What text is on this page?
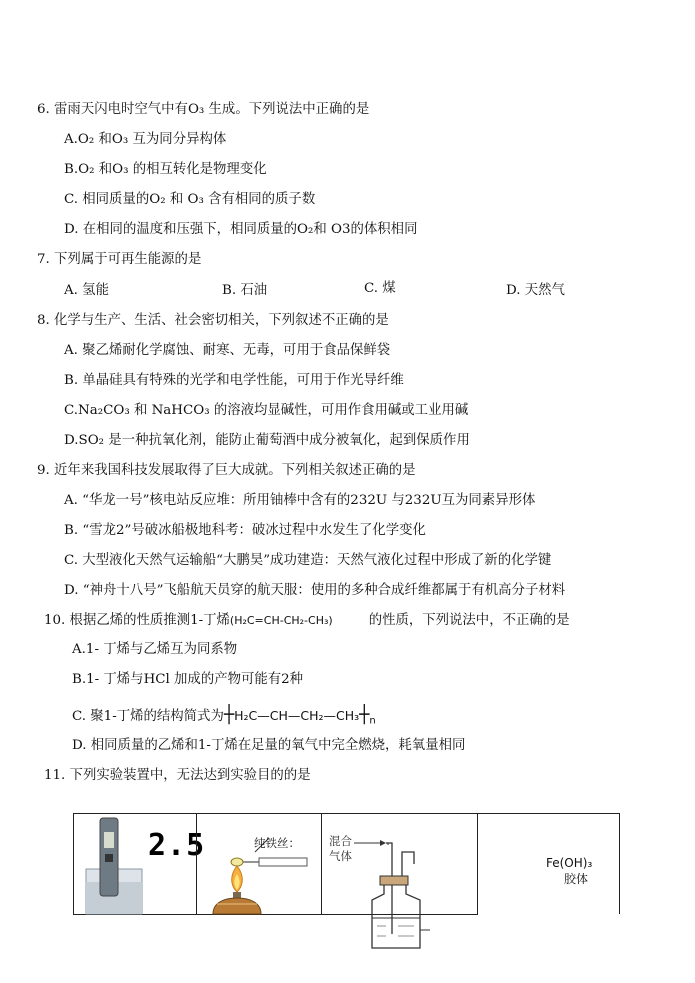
6. 雷雨天闪电时空气中有O₃ 生成。下列说法中正确的是
A.O₂ 和O₃ 互为同分异构体
B.O₂ 和O₃ 的相互转化是物理变化
C. 相同质量的O₂ 和 O₃ 含有相同的质子数
D. 在相同的温度和压强下，相同质量的O₂和 O3的体积相同
7. 下列属于可再生能源的是
A. 氢能	B. 石油	C. 煤	D. 天然气
8. 化学与生产、生活、社会密切相关，下列叙述不正确的是
A. 聚乙烯耐化学腐蚀、耐寒、无毒，可用于食品保鲜袋
B. 单晶硅具有特殊的光学和电学性能，可用于作光导纤维
C.Na₂CO₃ 和 NaHCO₃ 的溶液均显碱性，可用作食用碱或工业用碱
D.SO₂ 是一种抗氧化剂，能防止葡萄酒中成分被氧化，起到保质作用
9. 近年来我国科技发展取得了巨大成就。下列相关叙述正确的是
A. “华龙一号”核电站反应堆：所用铀棒中含有的232U 与232U互为同素异形体
B. “雪龙2”号破冰船极地科考：破冰过程中水发生了化学变化
C. 大型液化天然气运输船“大鹏昊”成功建造：天然气液化过程中形成了新的化学键
D. “神舟十八号”飞船航天员穿的航天服：使用的多种合成纤维都属于有机高分子材料
10. 根据乙烯的性质推测1-丁烯(H₂C=CH-CH₂-CH₃)	的性质，下列说法中，不正确的是
A.1- 丁烯与乙烯互为同系物
B.1- 丁烯与HCl 加成的产物可能有2种
C. 聚1-丁烯的结构简式为$┼H_2C—CH—CH_2—CH_3┼_n$
D. 相同质量的乙烯和1-丁烯在足量的氧气中完全燃烧，耗氧量相同
11. 下列实验装置中，无法达到实验目的的是
2.5	纯铁丝：	混合
气体	Fe(OH)₃
胶体
